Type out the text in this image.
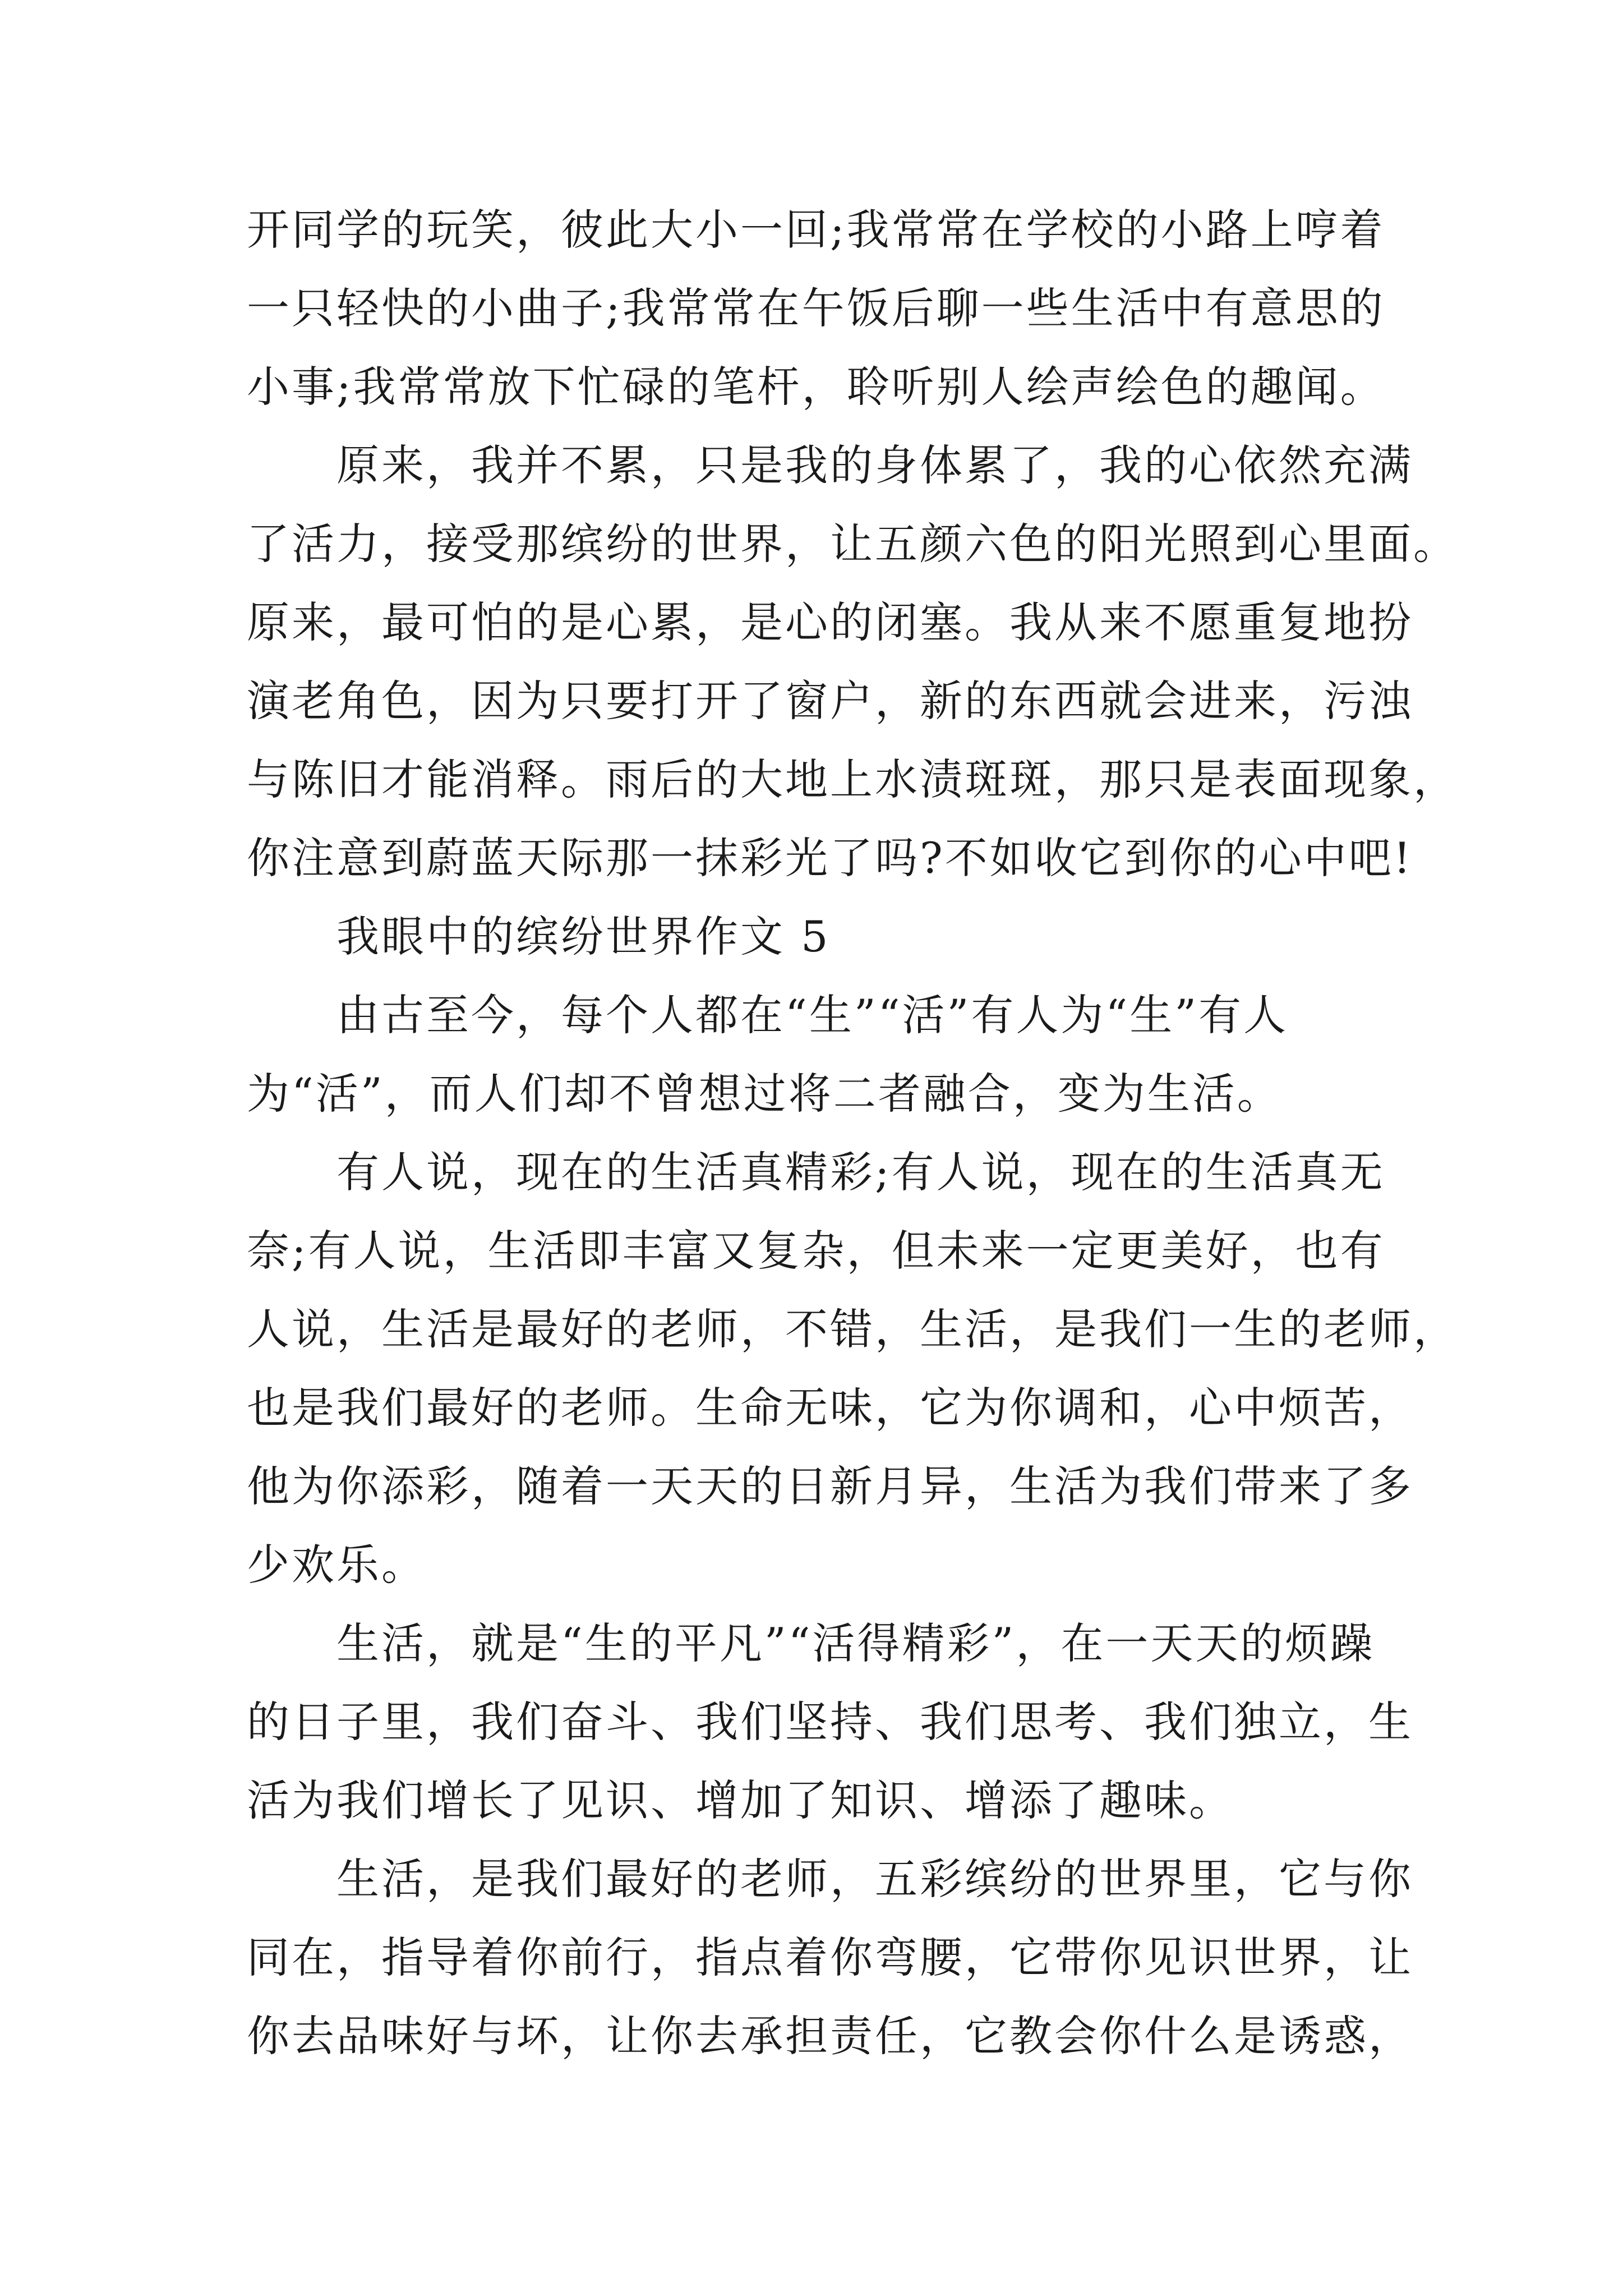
开同学的玩笑，彼此大小一回;我常常在学校的小路上哼着
一只轻快的小曲子;我常常在午饭后聊一些生活中有意思的
小事;我常常放下忙碌的笔杆，聆听别人绘声绘色的趣闻。
原来，我并不累，只是我的身体累了，我的心依然充满
了活力，接受那缤纷的世界，让五颜六色的阳光照到心里面。
原来，最可怕的是心累，是心的闭塞。我从来不愿重复地扮
演老角色，因为只要打开了窗户，新的东西就会进来，污浊
与陈旧才能消释。雨后的大地上水渍斑斑，那只是表面现象，
你注意到蔚蓝天际那一抹彩光了吗?不如收它到你的心中吧!
我眼中的缤纷世界作文 5
由古至今，每个人都在“生”“活”有人为“生”有人
为“活”，而人们却不曾想过将二者融合，变为生活。
有人说，现在的生活真精彩;有人说，现在的生活真无
奈;有人说，生活即丰富又复杂，但未来一定更美好，也有
人说，生活是最好的老师，不错，生活，是我们一生的老师，
也是我们最好的老师。生命无味，它为你调和，心中烦苦，
他为你添彩，随着一天天的日新月异，生活为我们带来了多
少欢乐。
生活，就是“生的平凡”“活得精彩”，在一天天的烦躁
的日子里，我们奋斗、我们坚持、我们思考、我们独立，生
活为我们增长了见识、增加了知识、增添了趣味。
生活，是我们最好的老师，五彩缤纷的世界里，它与你
同在，指导着你前行，指点着你弯腰，它带你见识世界，让
你去品味好与坏，让你去承担责任，它教会你什么是诱惑，
